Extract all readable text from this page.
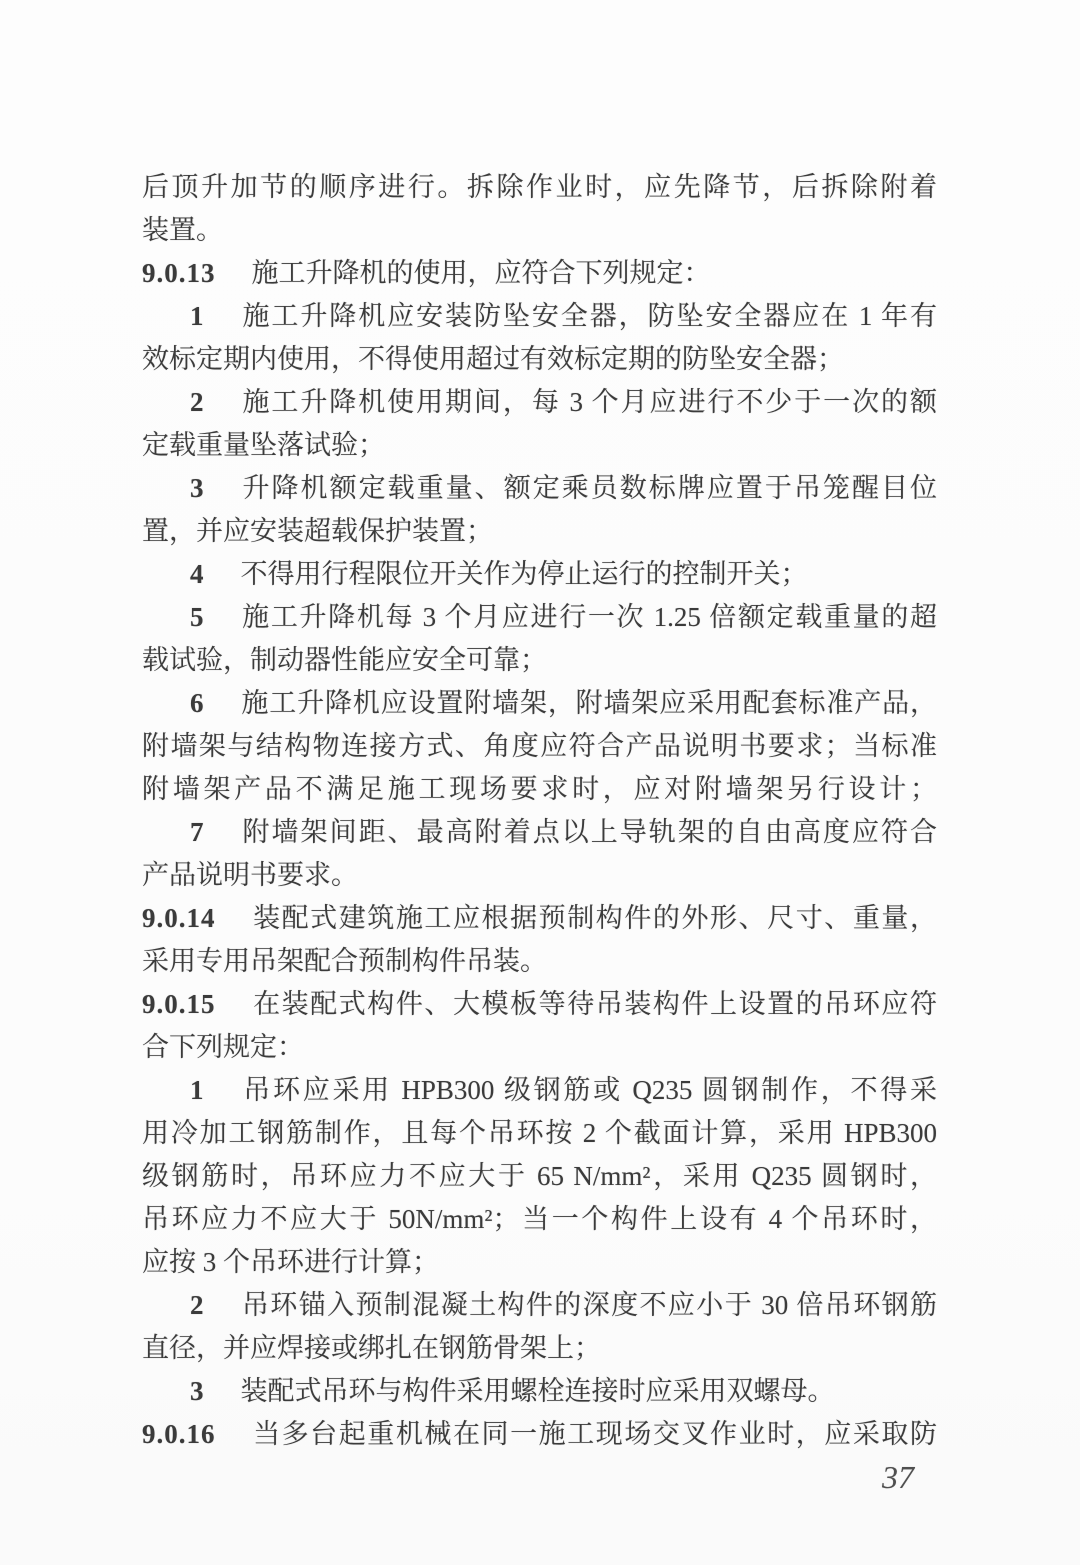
后顶升加节的顺序进行。拆除作业时，应先降节，后拆除附着
装置。
9.0.13 施工升降机的使用，应符合下列规定：
1 施工升降机应安装防坠安全器，防坠安全器应在 1 年有
效标定期内使用，不得使用超过有效标定期的防坠安全器；
2 施工升降机使用期间，每 3 个月应进行不少于一次的额
定载重量坠落试验；
3 升降机额定载重量、额定乘员数标牌应置于吊笼醒目位
置，并应安装超载保护装置；
4 不得用行程限位开关作为停止运行的控制开关；
5 施工升降机每 3 个月应进行一次 1.25 倍额定载重量的超
载试验，制动器性能应安全可靠；
6 施工升降机应设置附墙架，附墙架应采用配套标准产品，
附墙架与结构物连接方式、角度应符合产品说明书要求；当标准
附墙架产品不满足施工现场要求时，应对附墙架另行设计；
7 附墙架间距、最高附着点以上导轨架的自由高度应符合
产品说明书要求。
9.0.14 装配式建筑施工应根据预制构件的外形、尺寸、重量，
采用专用吊架配合预制构件吊装。
9.0.15 在装配式构件、大模板等待吊装构件上设置的吊环应符
合下列规定：
1 吊环应采用 HPB300 级钢筋或 Q235 圆钢制作，不得采
用冷加工钢筋制作，且每个吊环按 2 个截面计算，采用 HPB300
级钢筋时，吊环应力不应大于 65 N/mm²，采用 Q235 圆钢时，
吊环应力不应大于 50N/mm²；当一个构件上设有 4 个吊环时，
应按 3 个吊环进行计算；
2 吊环锚入预制混凝土构件的深度不应小于 30 倍吊环钢筋
直径，并应焊接或绑扎在钢筋骨架上；
3 装配式吊环与构件采用螺栓连接时应采用双螺母。
9.0.16 当多台起重机械在同一施工现场交叉作业时，应采取防
37
